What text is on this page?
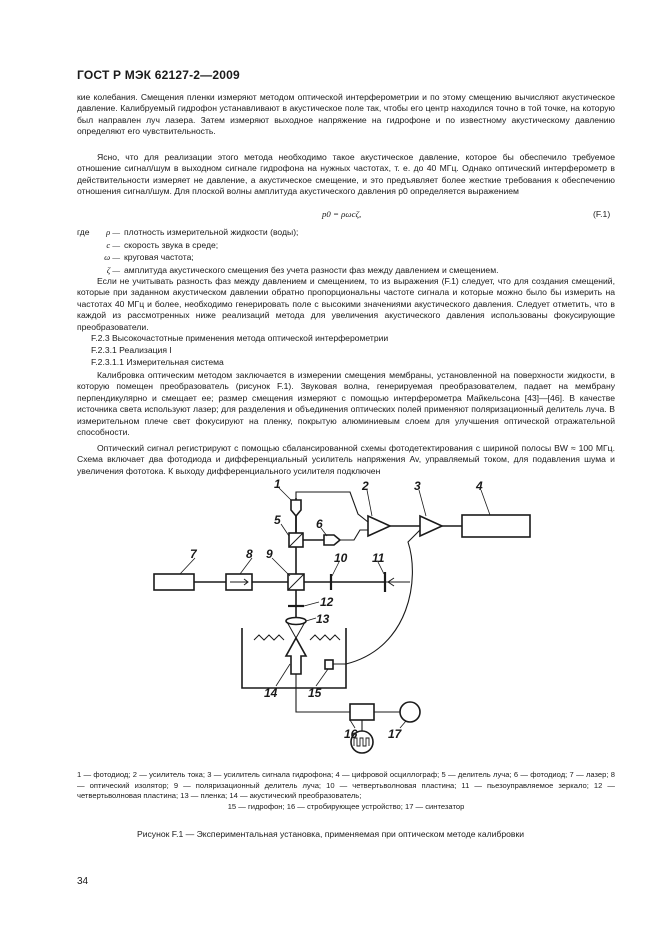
ГОСТ Р МЭК 62127-2—2009

кие колебания. Смещения пленки измеряют методом оптической интерферометрии и по этому смещению вычисляют акустическое давление. Калибруемый гидрофон устанавливают в акустическое поле так, чтобы его центр находился точно в той точке, на которую был направлен луч лазера. Затем измеряют выходное напряжение на гидрофоне и по известному акустическому давлению определяют его чувствительность.

Ясно, что для реализации этого метода необходимо такое акустическое давление, которое бы обеспечило требуемое отношение сигнал/шум в выходном сигнале гидрофона на нужных частотах, т. е. до 40 МГц. Однако оптический интерферометр в действительности измеряет не давление, а акустическое смещение, и это предъявляет более жесткие требования к обеспечению отношения сигнал/шум. Для плоской волны амплитуда акустического давления p0 определяется выражением

p0 = ρωcζ,	(F.1)
где	ρ — плотность измерительной жидкости (воды);
c — скорость звука в среде;
ω — круговая частота;
ζ — амплитуда акустического смещения без учета разности фаз между давлением и смещением.

Если не учитывать разность фаз между давлением и смещением, то из выражения (F.1) следует, что для создания смещений, которые при заданном акустическом давлении обратно пропорциональны частоте сигнала и которые можно было бы измерить на частотах 40 МГц и более, необходимо генерировать поле с высокими значениями акустического давления. Следует отметить, что в каждой из рассмотренных ниже реализаций метода для увеличения акустического давления использованы фокусирующие преобразователи.

F.2.3 Высокочастотные применения метода оптической интерферометрии
F.2.3.1 Реализация I
F.2.3.1.1 Измерительная система

Калибровка оптическим методом заключается в измерении смещения мембраны, установленной на поверхности жидкости, в которую помещен преобразователь (рисунок F.1). Звуковая волна, генерируемая преобразователем, падает на мембрану перпендикулярно и смещает ее; размер смещения измеряют с помощью интерферометра Майкельсона [43]—[46]. В качестве источника света используют лазер; для разделения и объединения оптических полей применяют поляризационный делитель луча. В измерительном плече свет фокусируют на пленку, покрытую алюминиевым слоем для улучшения оптической отражательной способности.

Оптический сигнал регистрируют с помощью сбалансированной схемы фотодетектирования с шириной полосы BW ≈ 100 МГц. Схема включает два фотодиода и дифференциальный усилитель напряжения Av, управляемый током, для подавления шума и увеличения фототока. К выходу дифференциального усилителя подключен

1	2	3	4
5	6
7	8 9	10 11
12
13
14	15
16	17

1 — фотодиод; 2 — усилитель тока; 3 — усилитель сигнала гидрофона; 4 — цифровой осциллограф; 5 — делитель луча; 6 — фотодиод; 7 — лазер; 8 — оптический изолятор; 9 — поляризационный делитель луча; 10 — четвертьволновая пластина; 11 — пьезоуправляемое зеркало; 12 — четвертьволновая пластина; 13 — пленка; 14 — акустический преобразователь;
15 — гидрофон; 16 — стробирующее устройство; 17 — синтезатор

Рисунок F.1 — Экспериментальная установка, применяемая при оптическом методе калибровки
34
